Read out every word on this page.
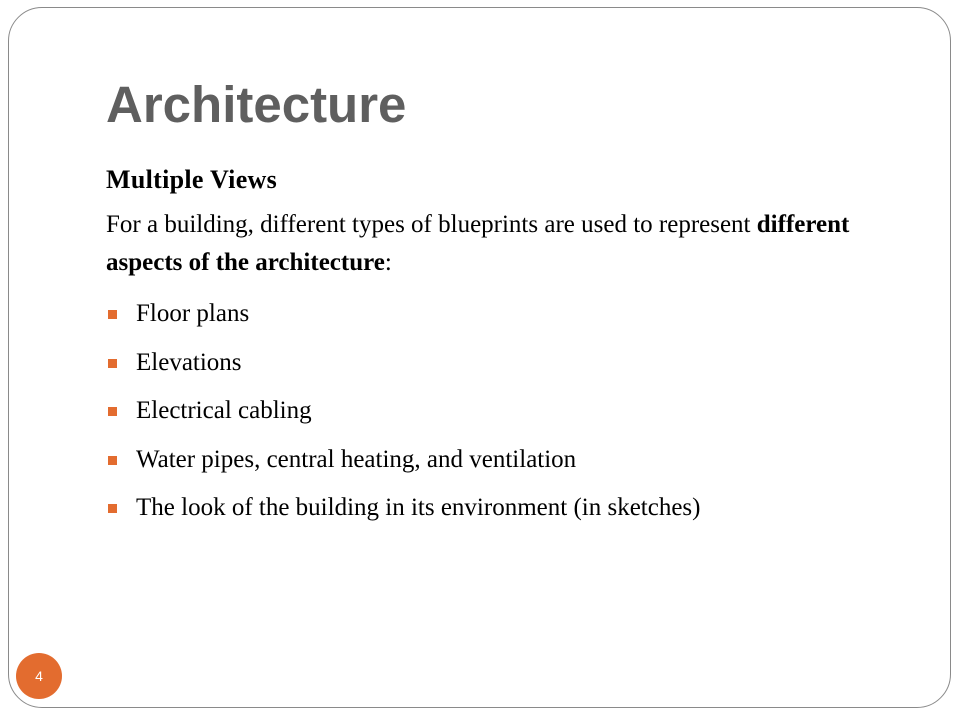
Architecture

Multiple Views

For a building, different types of blueprints are used to represent different aspects of the architecture:

Floor plans
Elevations
Electrical cabling
Water pipes, central heating, and ventilation
The look of the building in its environment (in sketches)
4
